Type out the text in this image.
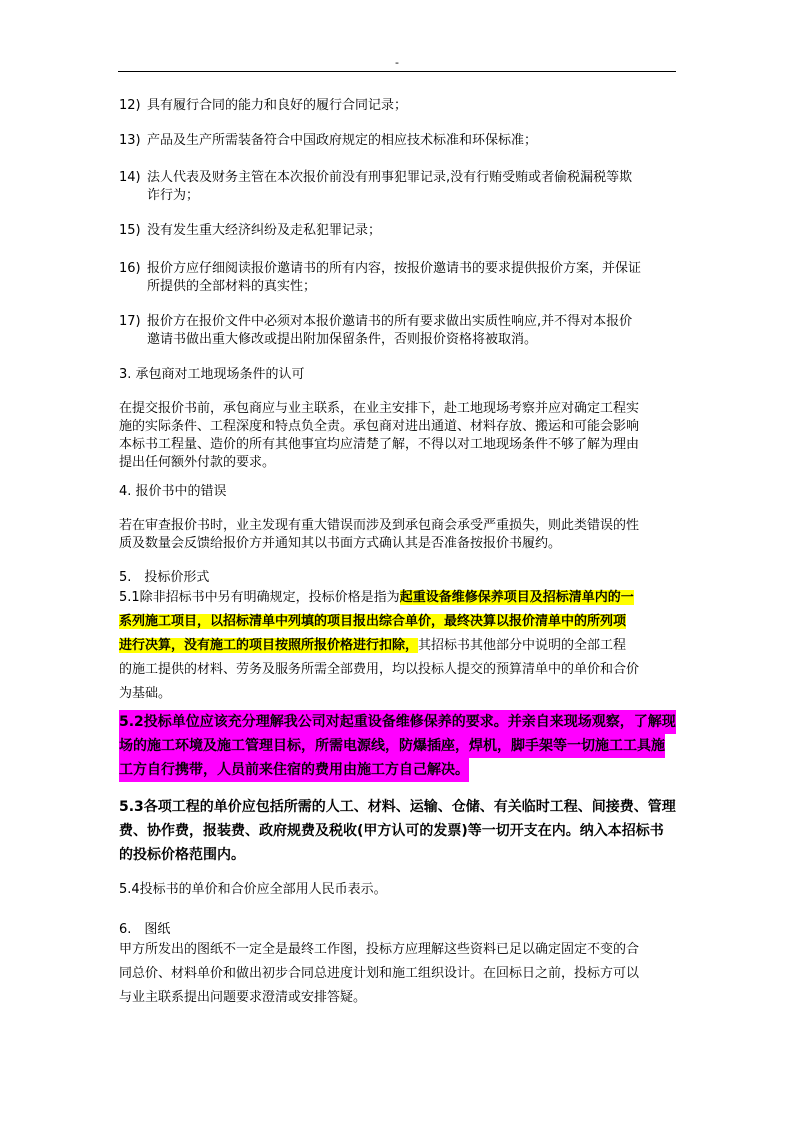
-
12) 具有履行合同的能力和良好的履行合同记录；
13) 产品及生产所需装备符合中国政府规定的相应技术标准和环保标准；
14) 法人代表及财务主管在本次报价前没有刑事犯罪记录,没有行贿受贿或者偷税漏税等欺
诈行为；
15) 没有发生重大经济纠纷及走私犯罪记录；
16) 报价方应仔细阅读报价邀请书的所有内容，按报价邀请书的要求提供报价方案，并保证
所提供的全部材料的真实性；
17) 报价方在报价文件中必须对本报价邀请书的所有要求做出实质性响应,并不得对本报价
邀请书做出重大修改或提出附加保留条件，否则报价资格将被取消。
3. 承包商对工地现场条件的认可
在提交报价书前，承包商应与业主联系，在业主安排下，赴工地现场考察并应对确定工程实
施的实际条件、工程深度和特点负全责。承包商对进出通道、材料存放、搬运和可能会影响
本标书工程量、造价的所有其他事宜均应清楚了解，不得以对工地现场条件不够了解为理由
提出任何额外付款的要求。
4. 报价书中的错误
若在审查报价书时，业主发现有重大错误而涉及到承包商会承受严重损失，则此类错误的性
质及数量会反馈给报价方并通知其以书面方式确认其是否准备按报价书履约。
5.　投标价形式
5.1除非招标书中另有明确规定，投标价格是指为起重设备维修保养项目及招标清单内的一
系列施工项目，以招标清单中列填的项目报出综合单价，最终决算以报价清单中的所列项
进行决算，没有施工的项目按照所报价格进行扣除，其招标书其他部分中说明的全部工程
的施工提供的材料、劳务及服务所需全部费用，均以投标人提交的预算清单中的单价和合价
为基础。
5.2投标单位应该充分理解我公司对起重设备维修保养的要求。并亲自来现场观察，了解现
场的施工环境及施工管理目标，所需电源线，防爆插座，焊机，脚手架等一切施工工具施
工方自行携带，人员前来住宿的费用由施工方自己解决。
5.3各项工程的单价应包括所需的人工、材料、运输、仓储、有关临时工程、间接费、管理
费、协作费，报装费、政府规费及税收(甲方认可的发票)等一切开支在内。纳入本招标书
的投标价格范围内。
5.4投标书的单价和合价应全部用人民币表示。
6.　图纸
甲方所发出的图纸不一定全是最终工作图，投标方应理解这些资料已足以确定固定不变的合
同总价、材料单价和做出初步合同总进度计划和施工组织设计。在回标日之前，投标方可以
与业主联系提出问题要求澄清或安排答疑。
